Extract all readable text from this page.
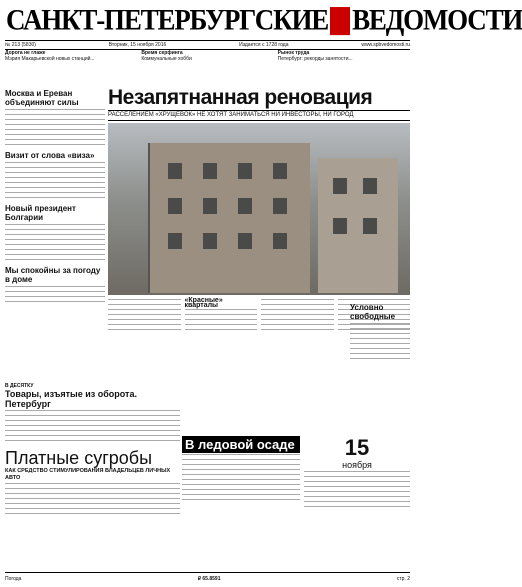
САНКТ-ПЕТЕРБУРГСКИЕ ВЕДОМОСТИ
№ 213 (5830)	Вторник, 15 ноября 2016	Издается с 1728 года	www.spbvedomosti.ru
Дорога не глаже
Мэрия Макарьевской новых станций...
Время серфинга
Коммунальные хобби
Рынок труда
Петербург: рекорды занятости...
Москва и Ереван объединяют силы
Визит от слова «виза»
Новый президент Болгарии
Мы спокойны за погоду в доме
Незапятнанная реновация
РАССЕЛЕНИЕМ «ХРУЩЕВОК» НЕ ХОТЯТ ЗАНИМАТЬСЯ НИ ИНВЕСТОРЫ, НИ ГОРОД
«Красные» кварталы	Условно свободные
В ДЕСЯТКУ
Товары, изъятые из оборота. Петербург
Платные сугробы
КАК СРЕДСТВО СТИМУЛИРОВАНИЯ ВЛАДЕЛЬЦЕВ ЛИЧНЫХ АВТО
В ледовой осаде	15
ноября
Погода	₽ 65.8591	стр. 2
